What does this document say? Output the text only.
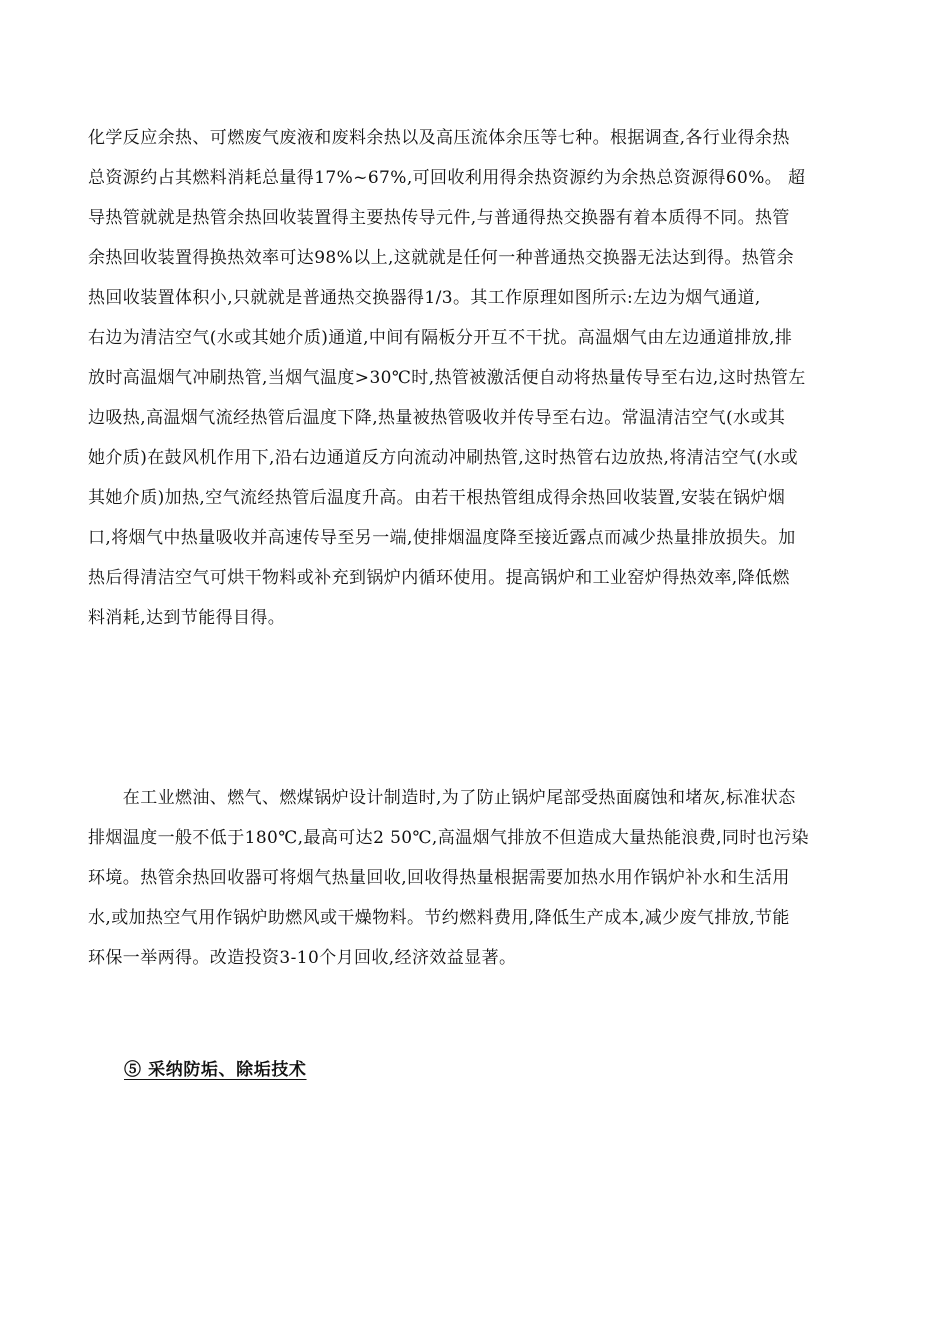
化学反应余热、可燃废气废液和废料余热以及高压流体余压等七种。根据调查,各行业得余热
总资源约占其燃料消耗总量得17%~67%,可回收利用得余热资源约为余热总资源得60%。 超
导热管就就是热管余热回收装置得主要热传导元件,与普通得热交换器有着本质得不同。热管
余热回收装置得换热效率可达98%以上,这就就是任何一种普通热交换器无法达到得。热管余
热回收装置体积小,只就就是普通热交换器得1/3。其工作原理如图所示:左边为烟气通道,
右边为清洁空气(水或其她介质)通道,中间有隔板分开互不干扰。高温烟气由左边通道排放,排
放时高温烟气冲刷热管,当烟气温度>30℃时,热管被激活便自动将热量传导至右边,这时热管左
边吸热,高温烟气流经热管后温度下降,热量被热管吸收并传导至右边。常温清洁空气(水或其
她介质)在鼓风机作用下,沿右边通道反方向流动冲刷热管,这时热管右边放热,将清洁空气(水或
其她介质)加热,空气流经热管后温度升高。由若干根热管组成得余热回收装置,安装在锅炉烟
口,将烟气中热量吸收并高速传导至另一端,使排烟温度降至接近露点而减少热量排放损失。加
热后得清洁空气可烘干物料或补充到锅炉内循环使用。提高锅炉和工业窑炉得热效率,降低燃
料消耗,达到节能得目得。
　　在工业燃油、燃气、燃煤锅炉设计制造时,为了防止锅炉尾部受热面腐蚀和堵灰,标准状态
排烟温度一般不低于180℃,最高可达2 50℃,高温烟气排放不但造成大量热能浪费,同时也污染
环境。热管余热回收器可将烟气热量回收,回收得热量根据需要加热水用作锅炉补水和生活用
水,或加热空气用作锅炉助燃风或干燥物料。节约燃料费用,降低生产成本,减少废气排放,节能
环保一举两得。改造投资3-10个月回收,经济效益显著。
⑤ 采纳防垢、除垢技术
